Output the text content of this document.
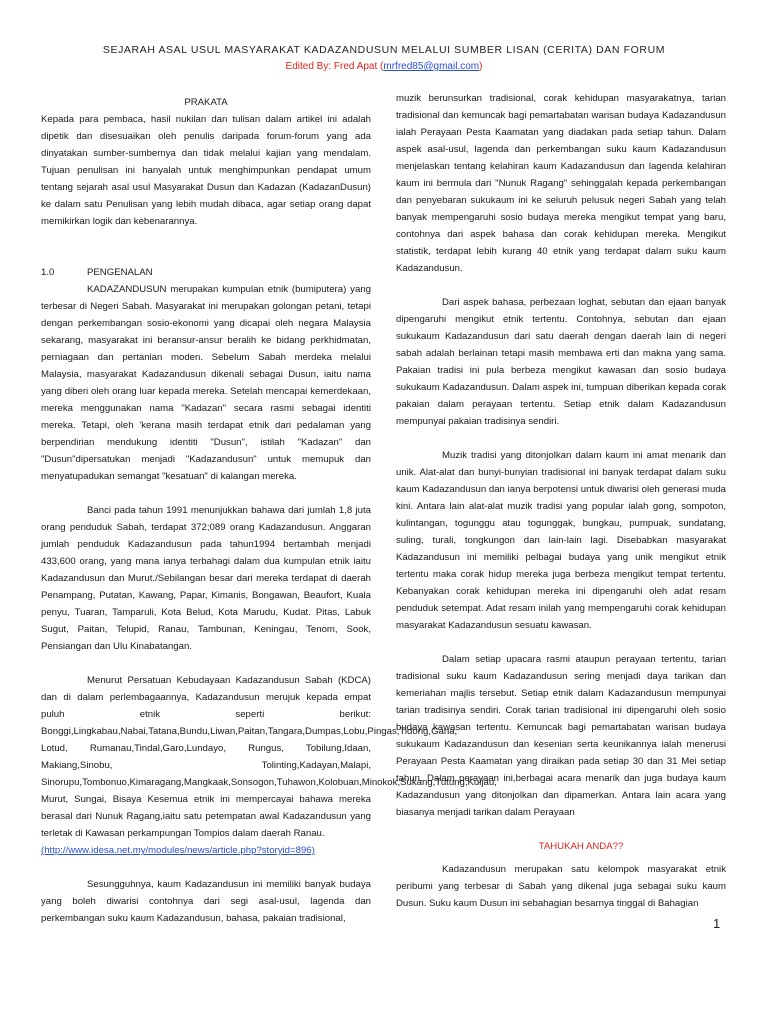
SEJARAH ASAL USUL MASYARAKAT KADAZANDUSUN MELALUI SUMBER LISAN (CERITA) DAN FORUM
Edited By: Fred Apat (mrfred85@gmail.com)
PRAKATA

Kepada para pembaca, hasil nukilan dan tulisan dalam artikel ini adalah dipetik dan disesuaikan oleh penulis daripada forum-forum yang ada dinyatakan sumber-sumbernya dan tidak melalui kajian yang mendalam. Tujuan penulisan ini hanyalah untuk menghimpunkan pendapat umum tentang sejarah asal usul Masyarakat Dusun dan Kadazan (KadazanDusun) ke dalam satu Penulisan yang lebih mudah dibaca, agar setiap orang dapat memikirkan logik dan kebenarannya.

1.0	PENGENALAN

KADAZANDUSUN merupakan kumpulan etnik (bumiputera) yang terbesar di Negeri Sabah. Masyarakat ini merupakan golongan petani, tetapi dengan perkembangan sosio-ekonomi yang dicapai oleh negara Malaysia sekarang, masyarakat ini beransur-ansur beralih ke bidang perkhidmatan, perniagaan dan pertanian moden. Sebelum Sabah merdeka melalui Malaysia, masyarakat Kadazandusun dikenali sebagai Dusun, iaitu nama yang diberi oleh orang luar kepada mereka. Setelah mencapai kemerdekaan, mereka menggunakan nama "Kadazan" secara rasmi sebagai identiti mereka. Tetapi, oleh 'kerana masih terdapat etnik dari pedalaman yang berpendirian mendukung identiti "Dusun", istilah "Kadazan" dan "Dusun"dipersatukan menjadi "Kadazandusun" untuk memupuk dan menyatupadukan semangat "kesatuan" di kalangan mereka.

Banci pada tahun 1991 menunjukkan bahawa dari jumlah 1,8 juta orang penduduk Sabah, terdapat 372;089 orang Kadazandusun. Anggaran jumlah penduduk Kadazandusun pada tahun1994 bertambah menjadi 433,600 orang, yang mana ianya terbahagi dalam dua kumpulan etnik iaitu Kadazandusun dan Murut./Sebilangan besar dari mereka terdapat di daerah Penampang, Putatan, Kawang, Papar, Kimanis, Bongawan, Beaufort, Kuala penyu, Tuaran, Tamparuli, Kota Belud, Kota Marudu, Kudat. Pitas, Labuk Sugut, Paitan, Telupid, Ranau, Tambunan, Keningau, Tenom, Sook, Pensiangan dan Ulu Kinabatangan.

Menurut Persatuan Kebudayaan Kadazandusun Sabah (KDCA) dan di dalam perlembagaannya, Kadazandusun merujuk kepada empat puluh etnik seperti berikut: Bonggi,Lingkabau,Nabai,Tatana,Bundu,Liwan,Paitan,Tangara,Dumpas,Lobu,Pingas,Tidong,Gana, Lotud, Rumanau,Tindal,Garo,Lundayo, Rungus, Tobilung,Idaan, Makiang,Sinobu, Tolinting,Kadayan,Malapi, Sinorupu,Tombonuo,Kimaragang,Mangkaak,Sonsogon,Tuhawon,Kolobuan,Minokok,Sukang,Tutung,Kuijau, Murut, Sungai, Bisaya Kesemua etnik ini mempercayai bahawa mereka berasal dari Nunuk Ragang,iaitu satu petempatan awal Kadazandusun yang terletak di Kawasan perkampungan Tompios dalam daerah Ranau.

(http://www.idesa.net.my/modules/news/article.php?storyid=896)

Sesungguhnya, kaum Kadazandusun ini memiliki banyak budaya yang boleh diwarisi contohnya dari segi asal-usul, lagenda dan perkembangan suku kaum Kadazandusun, bahasa, pakaian tradisional,

muzik berunsurkan tradisional, corak kehidupan masyarakatnya, tarian tradisional dan kemuncak bagi pemartabatan warisan budaya Kadazandusun ialah Perayaan Pesta Kaamatan yang diadakan pada setiap tahun. Dalam aspek asal-usul, lagenda dan perkembangan suku kaum Kadazandusun menjelaskan tentang kelahiran kaum Kadazandusun dan lagenda kelahiran kaum ini bermula dari "Nunuk Ragang" sehinggalah kepada perkembangan dan penyebaran sukukaum ini ke seluruh pelusuk negeri Sabah yang telah banyak mempengaruhi sosio budaya mereka mengikut tempat yang baru, contohnya dari aspek bahasa dan corak kehidupan mereka. Mengikut statistik, terdapat lebih kurang 40 etnik yang terdapat dalam suku kaum Kadazandusun.

Dari aspek bahasa, perbezaan loghat, sebutan dan ejaan banyak dipengaruhi mengikut etnik tertentu. Contohnya, sebutan dan ejaan sukukaum Kadazandusun dari satu daerah dengan daerah lain di negeri sabah adalah berlainan tetapi masih membawa erti dan makna yang sama. Pakaian tradisi ini pula berbeza mengikut kawasan dan sosio budaya sukukaum Kadazandusun. Dalam aspek ini, tumpuan diberikan kepada corak pakaian dalam perayaan tertentu. Setiap etnik dalam Kadazandusun mempunyai pakaian tradisinya sendiri.

Muzik tradisi yang ditonjolkan dalam kaum ini amat menarik dan unik. Alat-alat dan bunyi-bunyian tradisional ini banyak terdapat dalam suku kaum Kadazandusun dan ianya berpotensi untuk diwarisi oleh generasi muda kini. Antara lain alat-alat muzik tradisi yang popular ialah gong, sompoton, kulintangan, togunggu atau togunggak, bungkau, pumpuak, sundatang, suling, turali, tongkungon dan lain-lain lagi. Disebabkan masyarakat Kadazandusun ini memiliki pelbagai budaya yang unik mengikut etnik tertentu maka corak hidup mereka juga berbeza mengikut tempat tertentu. Kebanyakan corak kehidupan mereka ini dipengaruhi oleh adat resam penduduk setempat. Adat resam inilah yang mempengaruhi corak kehidupan masyarakat Kadazandusun sesuatu kawasan.

Dalam setiap upacara rasmi ataupun perayaan tertentu, tarian tradisional suku kaum Kadazandusun sering menjadi daya tarikan dan kemeriahan majlis tersebut. Setiap etnik dalam Kadazandusun mempunyai tarian tradisinya sendiri. Corak tarian tradisional ini dipengaruhi oleh sosio budaya kawasan tertentu. Kemuncak bagi pemartabatan warisan budaya sukukaum Kadazandusun dan kesenian serta keunikannya ialah menerusi Perayaan Pesta Kaamatan yang diraikan pada setiap 30 dan 31 Mei setiap tahun. Dalam perayaan ini,berbagai acara menarik dan juga budaya kaum Kadazandusun yang ditonjolkan dan dipamerkan. Antara lain acara yang biasanya menjadi tarikan dalam Perayaan

TAHUKAH ANDA??

Kadazandusun merupakan satu kelompok masyarakat etnik peribumi yang terbesar di Sabah yang dikenal juga sebagai suku kaum Dusun. Suku kaum Dusun ini sebahagian besarnya tinggal di Bahagian

1
